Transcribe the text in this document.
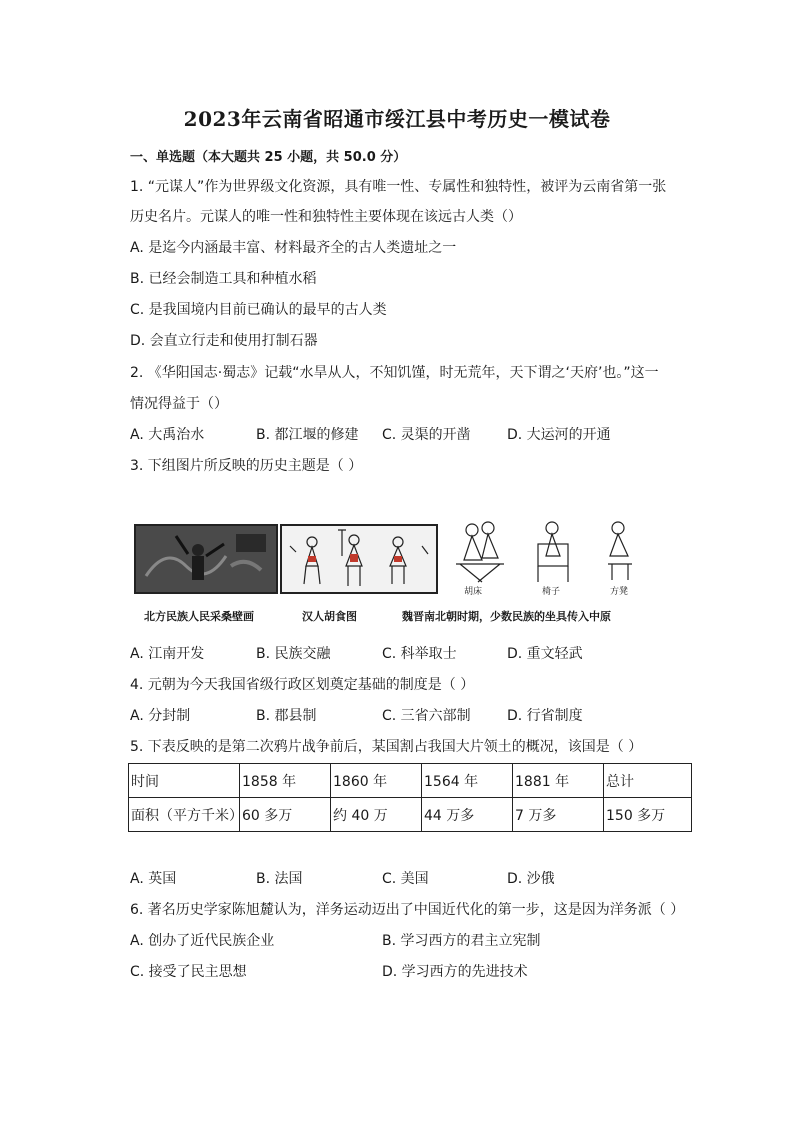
2023年云南省昭通市绥江县中考历史一模试卷
一、单选题（本大题共 25 小题，共 50.0 分）
1. “元谋人”作为世界级文化资源，具有唯一性、专属性和独特性，被评为云南省第一张
历史名片。元谋人的唯一性和独特性主要体现在该远古人类（）
A. 是迄今内涵最丰富、材料最齐全的古人类遗址之一
B. 已经会制造工具和种植水稻
C. 是我国境内目前已确认的最早的古人类
D. 会直立行走和使用打制石器
2. 《华阳国志·蜀志》记载“水旱从人，不知饥馑，时无荒年，天下谓之‘天府’也。”这一
情况得益于（）
A. 大禹治水	B. 都江堰的修建 C. 灵渠的开凿	D. 大运河的开通
3. 下组图片所反映的历史主题是（ ）
胡床	椅子	方凳
北方民族人民采桑壁画	汉人胡食图	魏晋南北朝时期，少数民族的坐具传入中原
A. 江南开发	B. 民族交融	C. 科举取士	D. 重文轻武
4. 元朝为今天我国省级行政区划奠定基础的制度是（ ）
A. 分封制	B. 郡县制	C. 三省六部制	D. 行省制度
5. 下表反映的是第二次鸦片战争前后，某国割占我国大片领土的概况，该国是（ ）
时间	1858 年	1860 年	1564 年	1881 年	总计
面积（平方千米）	60 多万	约 40 万	44 万多	7 万多	150 多万
A. 英国	B. 法国	C. 美国	D. 沙俄
6. 著名历史学家陈旭麓认为，洋务运动迈出了中国近代化的第一步，这是因为洋务派（ ）
A. 创办了近代民族企业	B. 学习西方的君主立宪制
C. 接受了民主思想	D. 学习西方的先进技术
